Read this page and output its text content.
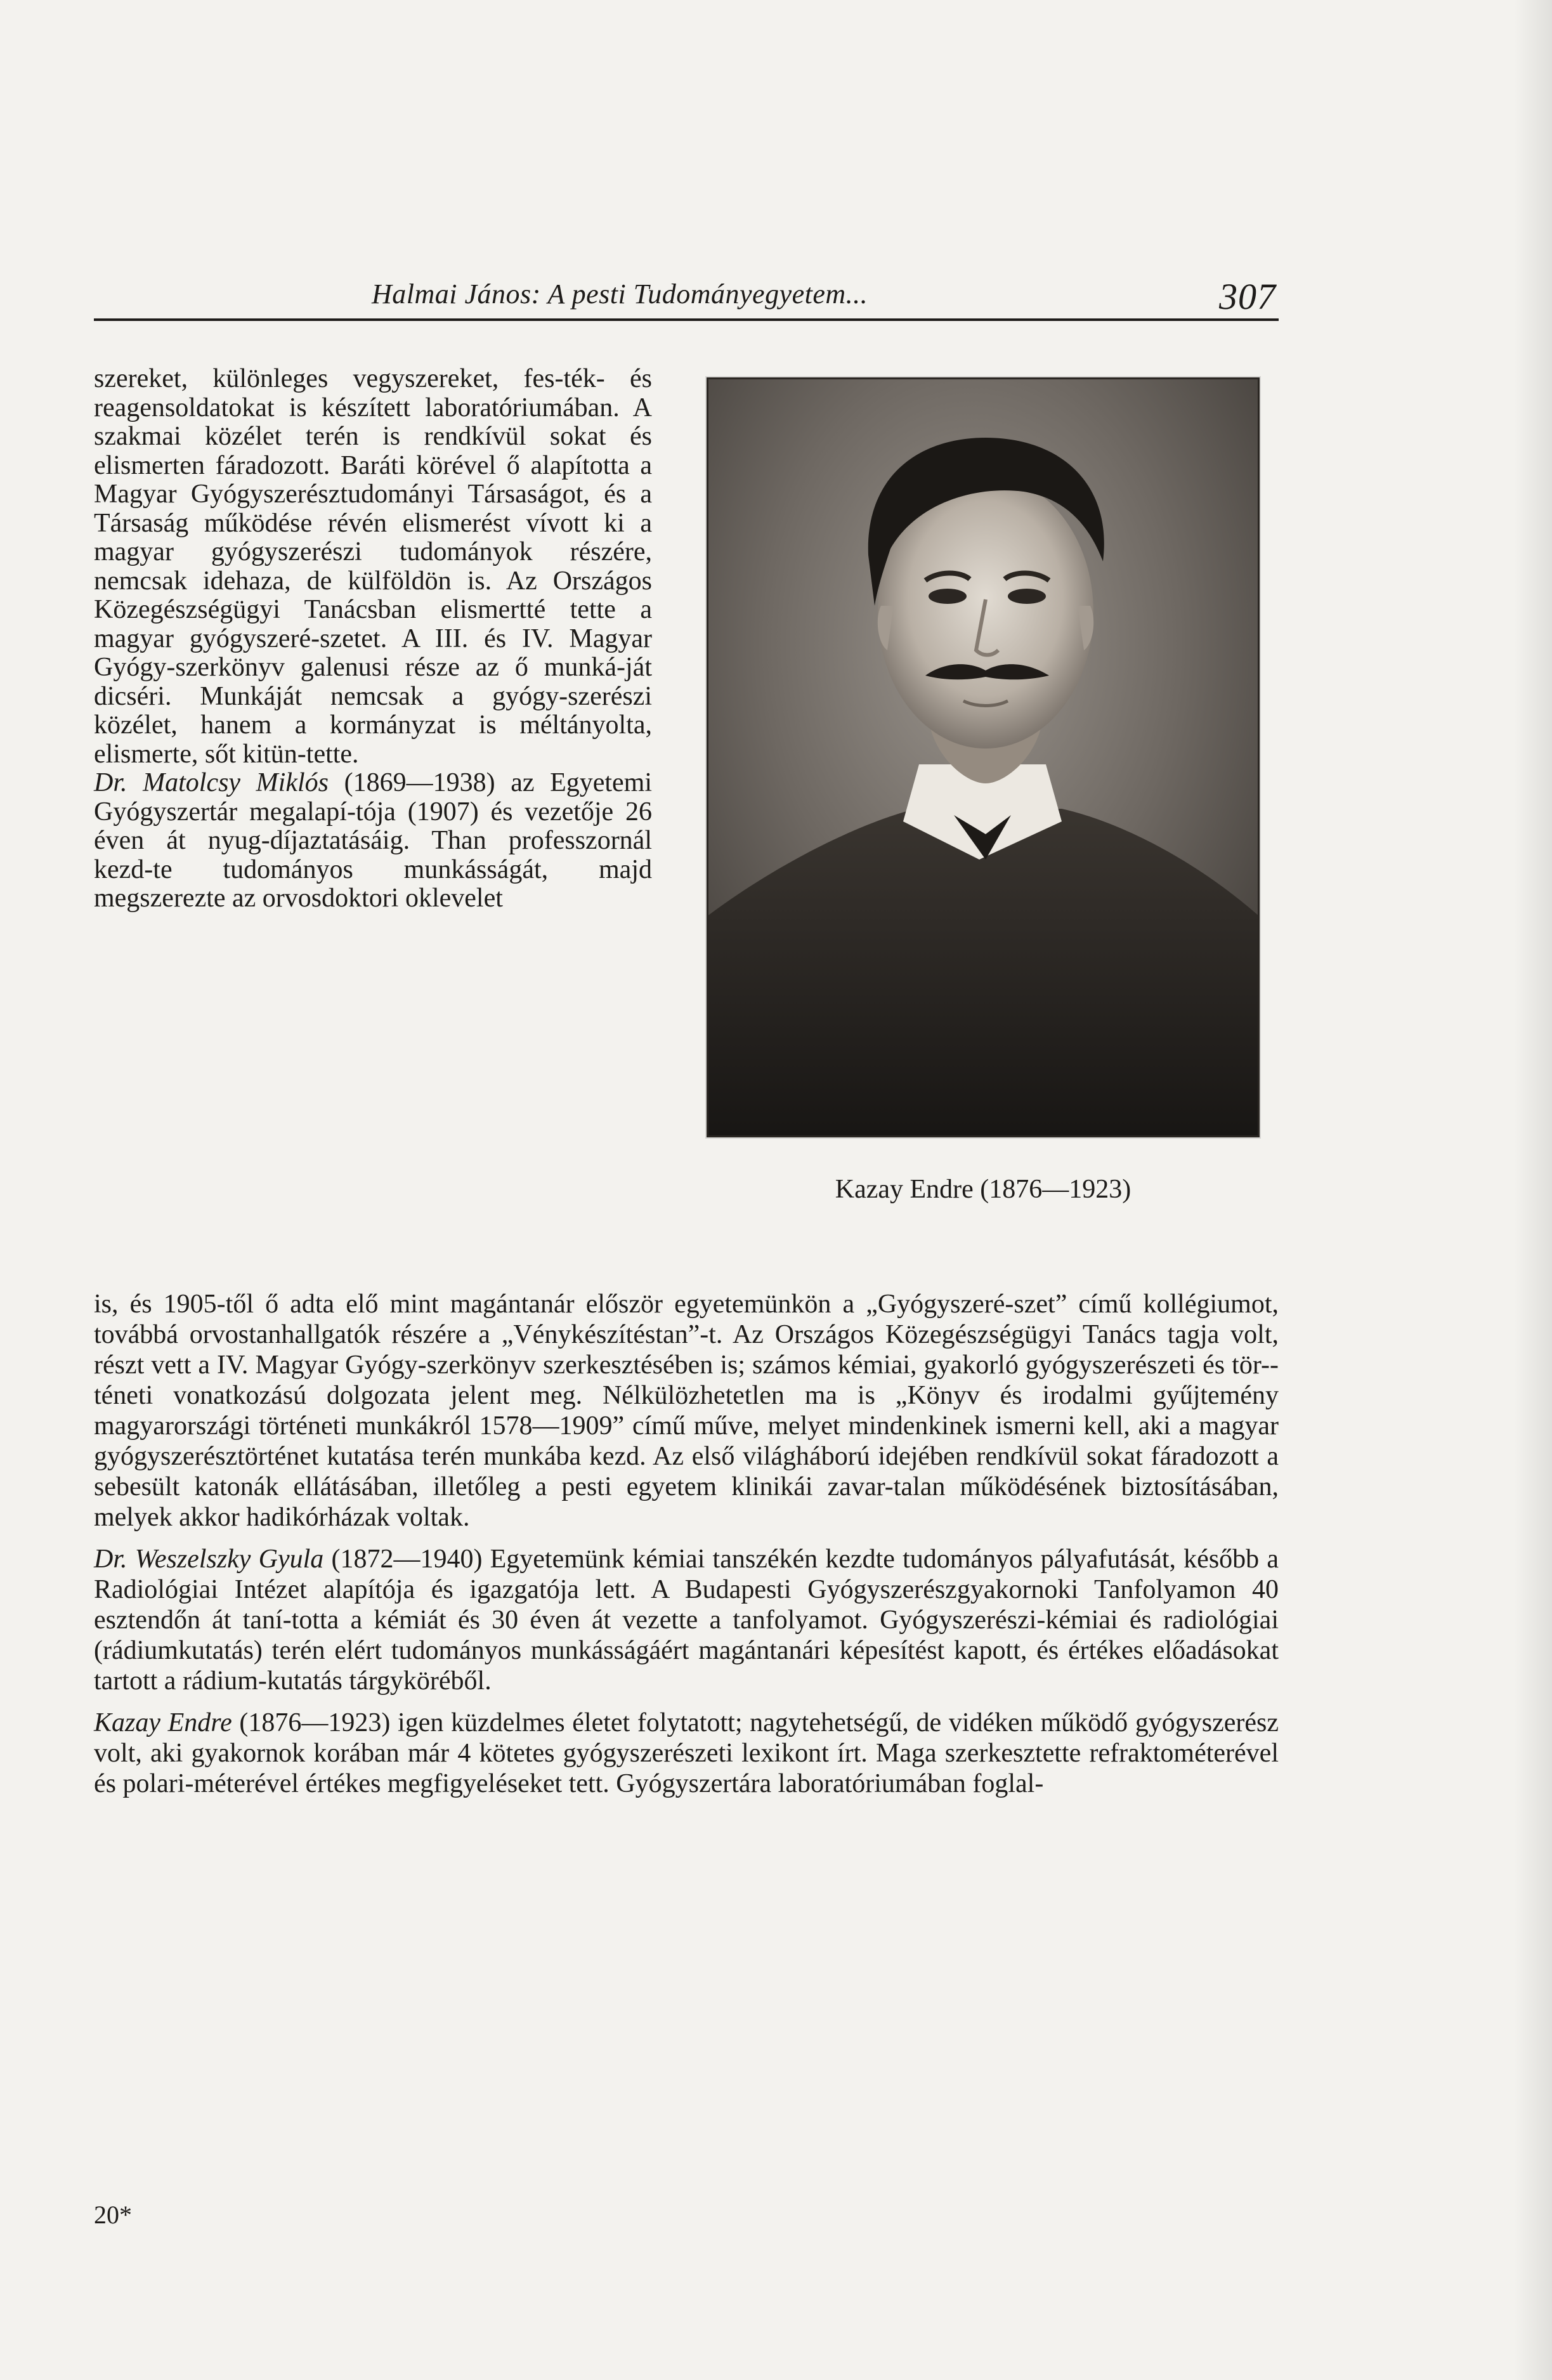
Halmai János: A pesti Tudományegyetem...	307

szereket, különleges vegyszereket, fes-ték- és reagensoldatokat is készített laboratóriumában. A szakmai közélet terén is rendkívül sokat és elismerten fáradozott. Baráti körével ő alapította a Magyar Gyógyszerésztudományi Társaságot, és a Társaság működése révén elismerést vívott ki a magyar gyógyszerészi tudományok részére, nemcsak idehaza, de külföldön is. Az Országos Közegészségügyi Tanácsban elismertté tette a magyar gyógyszeré-szetet. A III. és IV. Magyar Gyógy-szerkönyv galenusi része az ő munká-ját dicséri. Munkáját nemcsak a gyógy-szerészi közélet, hanem a kormányzat is méltányolta, elismerte, sőt kitün-tette.

Dr. Matolcsy Miklós (1869—1938) az Egyetemi Gyógyszertár megalapí-tója (1907) és vezetője 26 éven át nyug-díjaztatásáig. Than professzornál kezd-te tudományos munkásságát, majd megszerezte az orvosdoktori oklevelet

Kazay Endre (1876—1923)

is, és 1905-től ő adta elő mint magántanár először egyetemünkön a „Gyógyszeré-szet” című kollégiumot, továbbá orvostanhallgatók részére a „Vénykészítéstan”-t. Az Országos Közegészségügyi Tanács tagja volt, részt vett a IV. Magyar Gyógy-szerkönyv szerkesztésében is; számos kémiai, gyakorló gyógyszerészeti és tör-téneti vonatkozású dolgozata jelent meg. Nélkülözhetetlen ma is „Könyv és irodalmi gyűjtemény magyarországi történeti munkákról 1578—1909” című műve, melyet mindenkinek ismerni kell, aki a magyar gyógyszerésztörténet kutatása terén munkába kezd. Az első világháború idejében rendkívül sokat fáradozott a sebesült katonák ellátásában, illetőleg a pesti egyetem klinikái zavar-talan működésének biztosításában, melyek akkor hadikórházak voltak.

Dr. Weszelszky Gyula (1872—1940) Egyetemünk kémiai tanszékén kezdte tudományos pályafutását, később a Radiológiai Intézet alapítója és igazgatója lett. A Budapesti Gyógyszerészgyakornoki Tanfolyamon 40 esztendőn át taní-totta a kémiát és 30 éven át vezette a tanfolyamot. Gyógyszerészi-kémiai és radiológiai (rádiumkutatás) terén elért tudományos munkásságáért magántanári képesítést kapott, és értékes előadásokat tartott a rádium-kutatás tárgyköréből.

Kazay Endre (1876—1923) igen küzdelmes életet folytatott; nagytehetségű, de vidéken működő gyógyszerész volt, aki gyakornok korában már 4 kötetes gyógyszerészeti lexikont írt. Maga szerkesztette refraktométerével és polari-méterével értékes megfigyeléseket tett. Gyógyszertára laboratóriumában foglal-

20*
